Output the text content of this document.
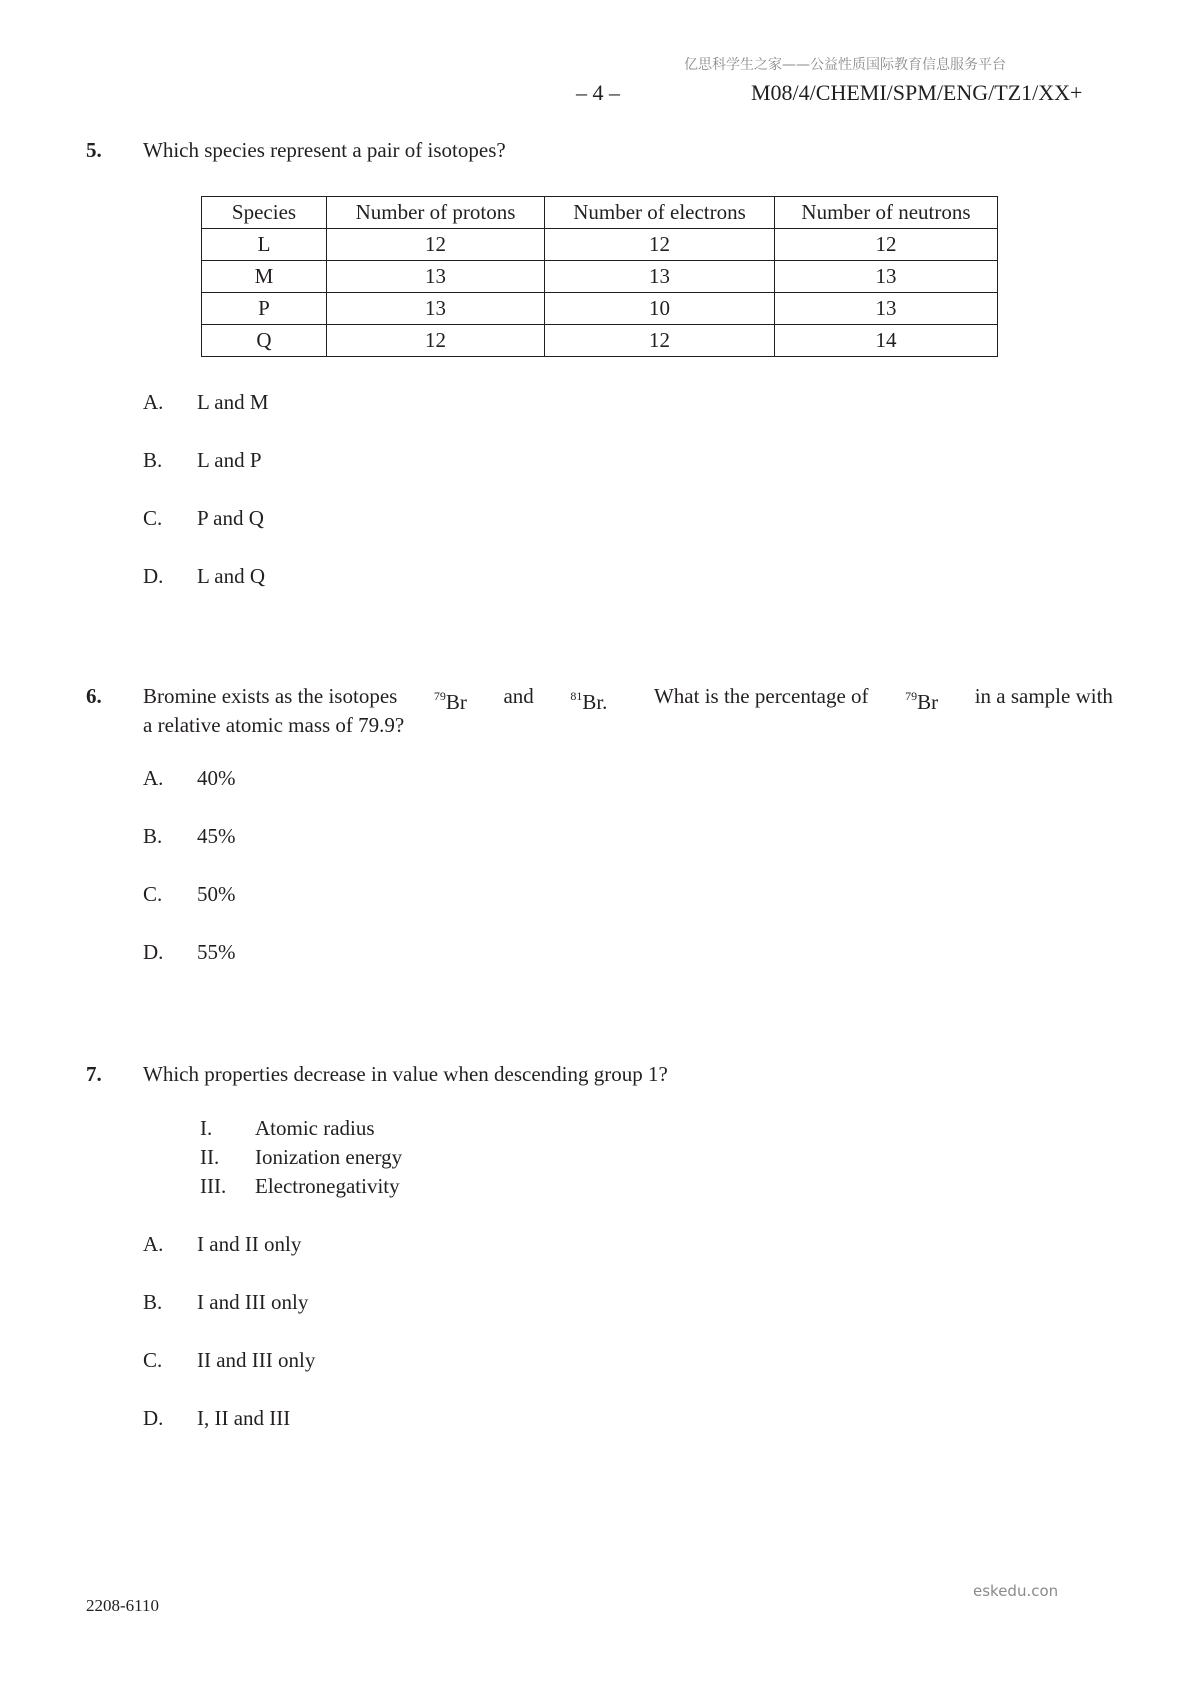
亿思科学生之家——公益性质国际教育信息服务平台
– 4 –	M08/4/CHEMI/SPM/ENG/TZ1/XX+
5. Which species represent a pair of isotopes?
Species	Number of protons	Number of electrons	Number of neutrons
L	12	12	12
M	13	13	13
P	13	10	13
Q	12	12	14
A. L and M
B. L and P
C. P and Q
D. L and Q
6. Bromine exists as the isotopes	$^{79}$Br and	$^{81}$Br. What is the percentage of	$^{79}$Br in a sample with
a relative atomic mass of 79.9?
A. 40%
B. 45%
C. 50%
D. 55%
7. Which properties decrease in value when descending group 1?
I. Atomic radius
II. Ionization energy
III. Electronegativity
A. I and II only
B. I and III only
C. II and III only
D. I, II and III
eskedu.con
2208-6110
